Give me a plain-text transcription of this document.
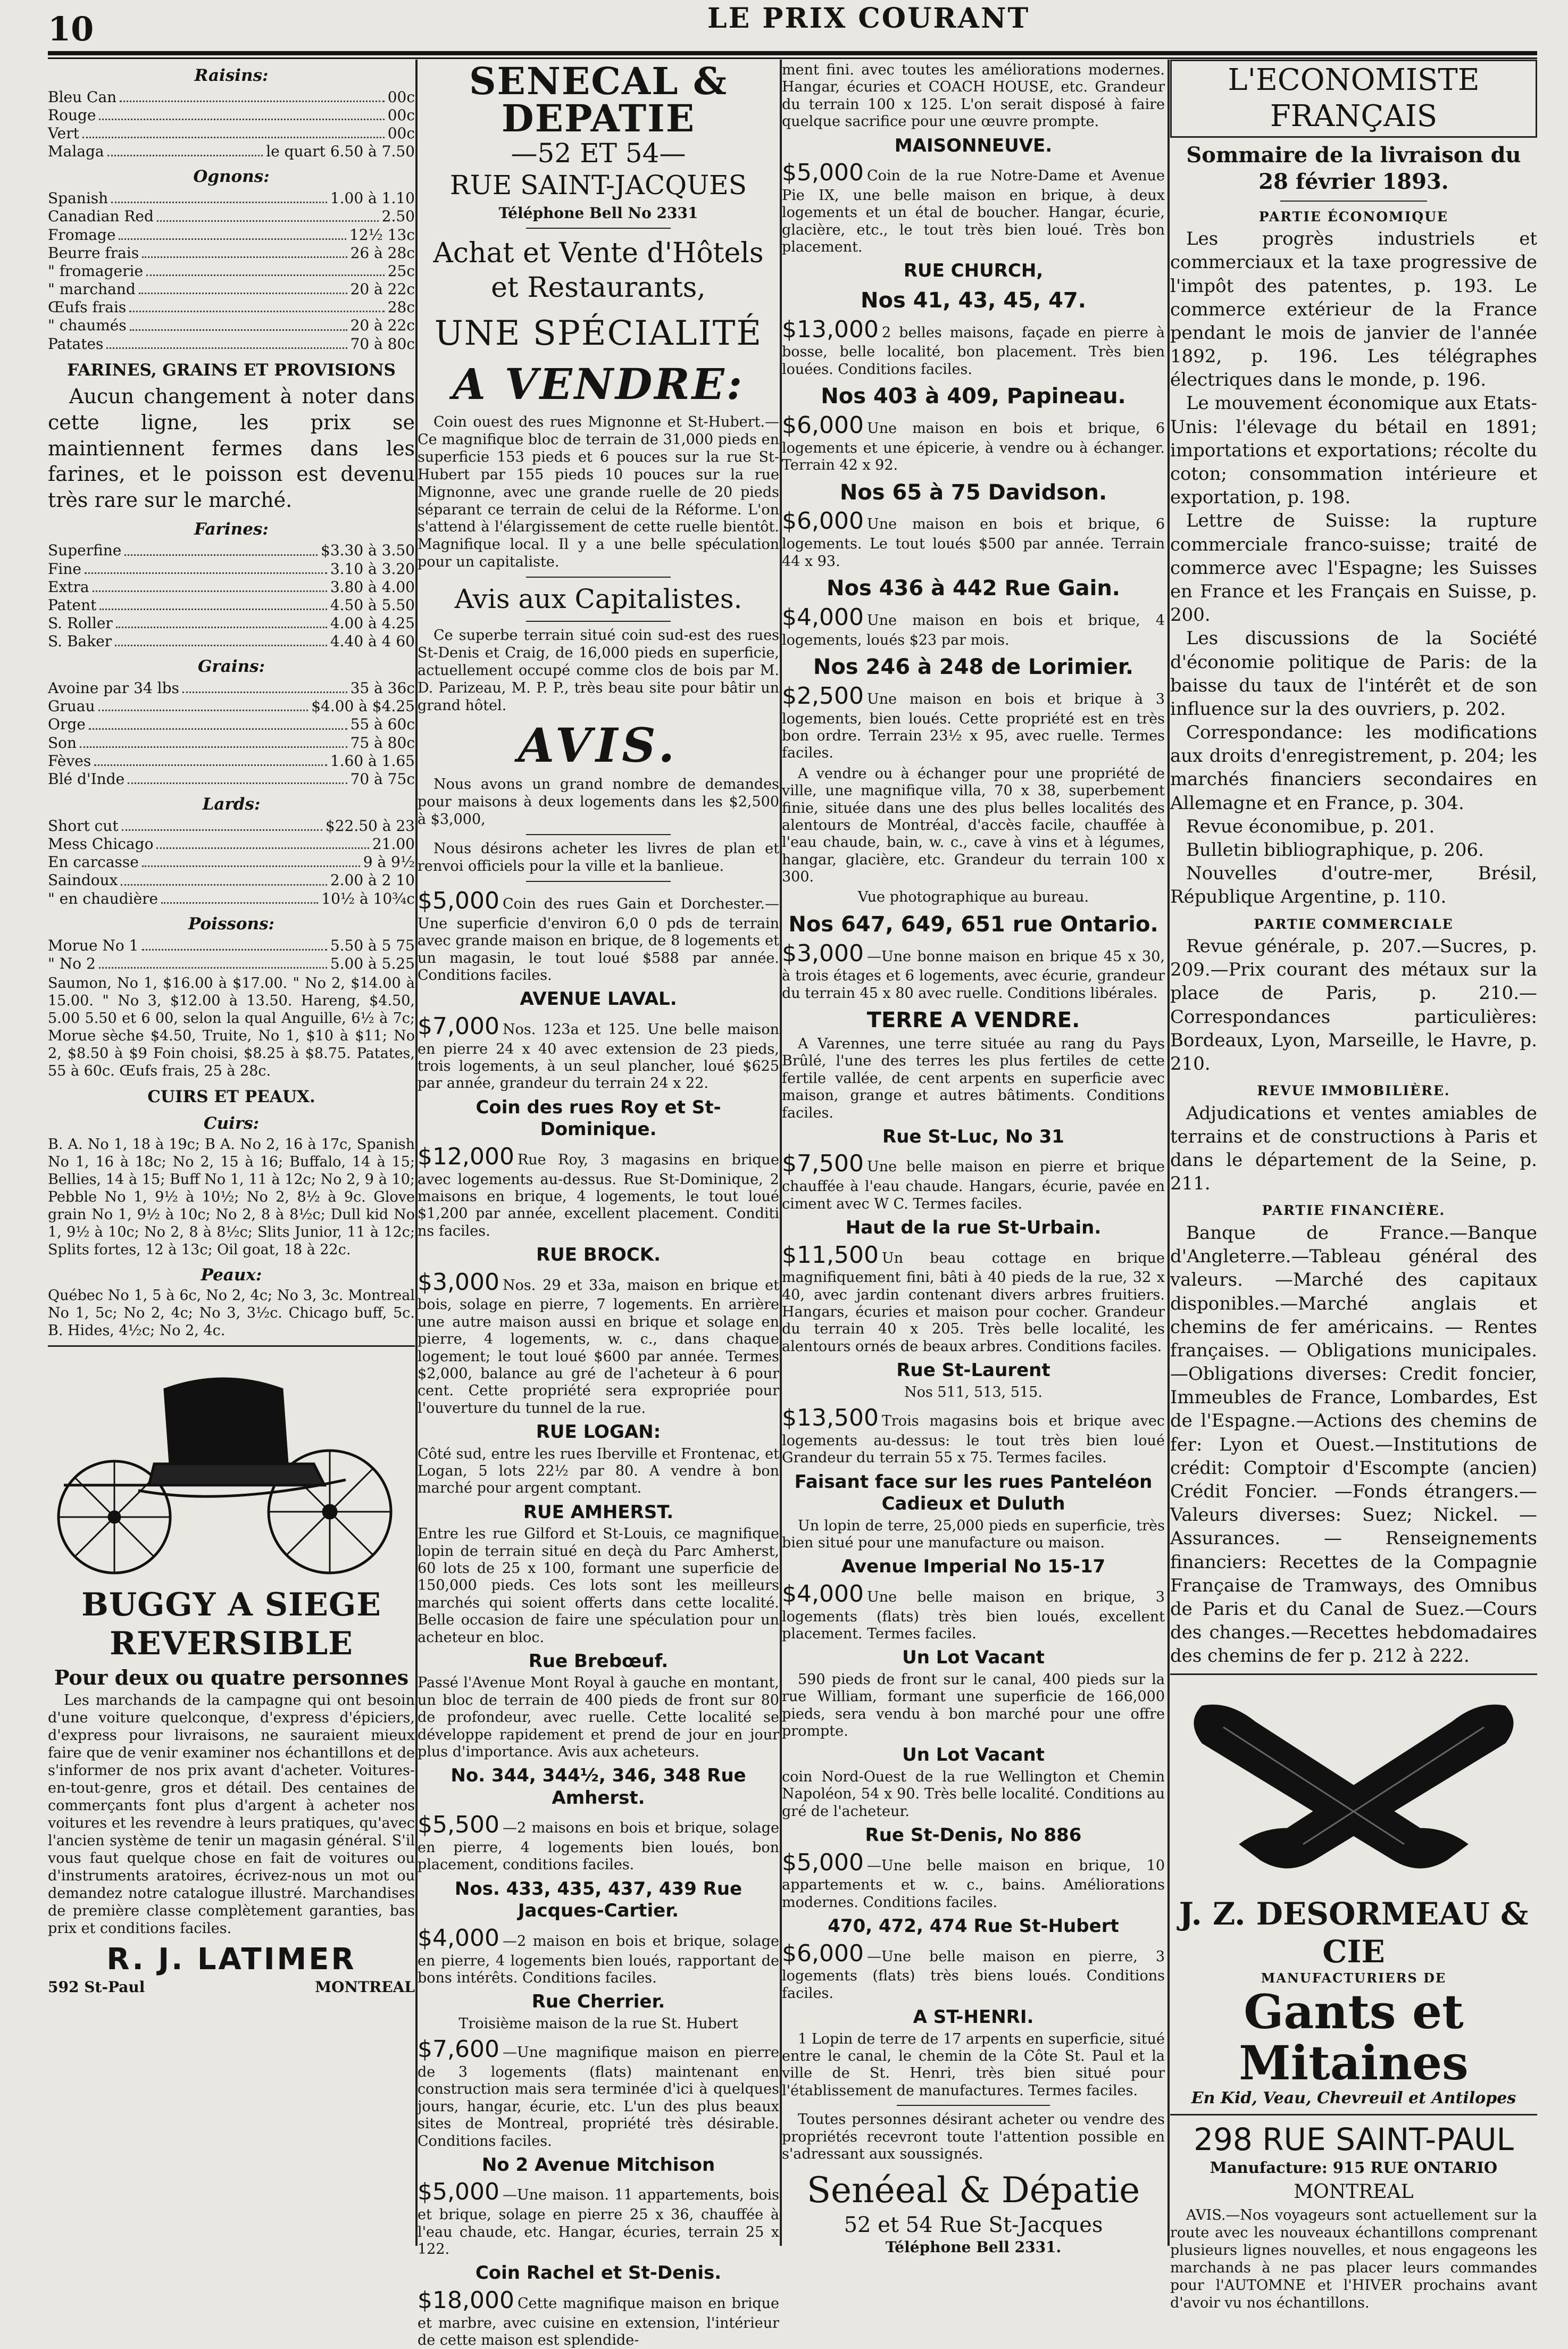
10	LE PRIX COURANT
Raisins:
Bleu Can	00c
Rouge	00c
Vert	00c
Malaga	le quart 6.50 à 7.50
Ognons:
Spanish	1.00 à 1.10
Canadian Red	2.50
Fromage	12½ 13c
Beurre frais	26 à 28c
" fromagerie	25c
" marchand	20 à 22c
Œufs frais	28c
" chaumés	20 à 22c
Patates	70 à 80c
FARINES, GRAINS ET PROVISIONS

Aucun changement à noter dans cette ligne, les prix se maintiennent fermes dans les farines, et le poisson est devenu très rare sur le marché.

Farines:
Superfine	$3.30 à 3.50
Fine	3.10 à 3.20
Extra	3.80 à 4.00
Patent	4.50 à 5.50
S. Roller	4.00 à 4.25
S. Baker	4.40 à 4 60
Grains:
Avoine par 34 lbs	35 à 36c
Gruau	$4.00 à $4.25
Orge	55 à 60c
Son	75 à 80c
Fèves	1.60 à 1.65
Blé d'Inde	70 à 75c
Lards:
Short cut	$22.50 à 23
Mess Chicago	21.00
En carcasse	9 à 9½
Saindoux	2.00 à 2 10
" en chaudière	10½ à 10¾c
Poissons:
Morue No 1	5.50 à 5 75
" No 2	5.00 à 5.25

Saumon, No 1, $16.00 à $17.00. " No 2, $14.00 à 15.00. " No 3, $12.00 à 13.50. Hareng, $4.50, 5.00 5.50 et 6 00, selon la qual Anguille, 6½ à 7c; Morue sèche $4.50, Truite, No 1, $10 à $11; No 2, $8.50 à $9 Foin choisi, $8.25 à $8.75. Patates, 55 à 60c. Œufs frais, 25 à 28c.

CUIRS ET PEAUX.
Cuirs:

B. A. No 1, 18 à 19c; B A. No 2, 16 à 17c, Spanish No 1, 16 à 18c; No 2, 15 à 16; Buffalo, 14 à 15; Bellies, 14 à 15; Buff No 1, 11 à 12c; No 2, 9 à 10; Pebble No 1, 9½ à 10½; No 2, 8½ à 9c. Glove grain No 1, 9½ à 10c; No 2, 8 à 8½c; Dull kid No 1, 9½ à 10c; No 2, 8 à 8½c; Slits Junior, 11 à 12c; Splits fortes, 12 à 13c; Oil goat, 18 à 22c.

Peaux:

Québec No 1, 5 à 6c, No 2, 4c; No 3, 3c. Montreal No 1, 5c; No 2, 4c; No 3, 3½c. Chicago buff, 5c. B. Hides, 4½c; No 2, 4c.

BUGGY A SIEGE REVERSIBLE
Pour deux ou quatre personnes

Les marchands de la campagne qui ont besoin d'une voiture quelconque, d'express d'épiciers, d'express pour livraisons, ne sauraient mieux faire que de venir examiner nos échantillons et de s'informer de nos prix avant d'acheter. Voitures-en-tout-genre, gros et détail. Des centaines de commerçants font plus d'argent à acheter nos voitures et les revendre à leurs pratiques, qu'avec l'ancien système de tenir un magasin général. S'il vous faut quelque chose en fait de voitures ou d'instruments aratoires, écrivez-nous un mot ou demandez notre catalogue illustré. Marchandises de première classe complètement garanties, bas prix et conditions faciles.

R. J. LATIMER
592 St-Paul	MONTREAL
SENECAL & DEPATIE
—52 ET 54—
RUE SAINT-JACQUES
Téléphone Bell No 2331
Achat et Vente d'Hôtels et Restaurants,
UNE SPÉCIALITÉ
A VENDRE:

Coin ouest des rues Mignonne et St-Hubert.—Ce magnifique bloc de terrain de 31,000 pieds en superficie 153 pieds et 6 pouces sur la rue St-Hubert par 155 pieds 10 pouces sur la rue Mignonne, avec une grande ruelle de 20 pieds séparant ce terrain de celui de la Réforme. L'on s'attend à l'élargissement de cette ruelle bientôt. Magnifique local. Il y a une belle spéculation pour un capitaliste.

Avis aux Capitalistes.

Ce superbe terrain situé coin sud-est des rues St-Denis et Craig, de 16,000 pieds en superficie, actuellement occupé comme clos de bois par M. D. Parizeau, M. P. P., très beau site pour bâtir un grand hôtel.

AVIS.

Nous avons un grand nombre de demandes pour maisons à deux logements dans les $2,500 à $3,000,

Nous désirons acheter les livres de plan et renvoi officiels pour la ville et la banlieue.

$5,000 Coin des rues Gain et Dorchester.—Une superficie d'environ 6,0 0 pds de terrain avec grande maison en brique, de 8 logements et un magasin, le tout loué $588 par année. Conditions faciles.

AVENUE LAVAL.

$7,000 Nos. 123a et 125. Une belle maison en pierre 24 x 40 avec extension de 23 pieds, trois logements, à un seul plancher, loué $625 par année, grandeur du terrain 24 x 22.

Coin des rues Roy et St-Dominique.

$12,000 Rue Roy, 3 magasins en brique avec logements au-dessus. Rue St-Dominique, 2 maisons en brique, 4 logements, le tout loué $1,200 par année, excellent placement. Conditi ns faciles.

RUE BROCK.

$3,000 Nos. 29 et 33a, maison en brique et bois, solage en pierre, 7 logements. En arrière une autre maison aussi en brique et solage en pierre, 4 logements, w. c., dans chaque logement; le tout loué $600 par année. Termes $2,000, balance au gré de l'acheteur à 6 pour cent. Cette propriété sera expropriée pour l'ouverture du tunnel de la rue.

RUE LOGAN:

Côté sud, entre les rues Iberville et Frontenac, et Logan, 5 lots 22½ par 80. A vendre à bon marché pour argent comptant.

RUE AMHERST.

Entre les rue Gilford et St-Louis, ce magnifique lopin de terrain situé en deçà du Parc Amherst, 60 lots de 25 x 100, formant une superficie de 150,000 pieds. Ces lots sont les meilleurs marchés qui soient offerts dans cette localité. Belle occasion de faire une spéculation pour un acheteur en bloc.

Rue Brebœuf.

Passé l'Avenue Mont Royal à gauche en montant, un bloc de terrain de 400 pieds de front sur 80 de profondeur, avec ruelle. Cette localité se développe rapidement et prend de jour en jour plus d'importance. Avis aux acheteurs.

No. 344, 344½, 346, 348 Rue Amherst.

$5,500 —2 maisons en bois et brique, solage en pierre, 4 logements bien loués, bon placement, conditions faciles.

Nos. 433, 435, 437, 439 Rue Jacques-Cartier.

$4,000 —2 maison en bois et brique, solage en pierre, 4 logements bien loués, rapportant de bons intérêts. Conditions faciles.

Rue Cherrier.

Troisième maison de la rue St. Hubert

$7,600 —Une magnifique maison en pierre de 3 logements (flats) maintenant en construction mais sera terminée d'ici à quelques jours, hangar, écurie, etc. L'un des plus beaux sites de Montreal, propriété très désirable. Conditions faciles.

No 2 Avenue Mitchison

$5,000 —Une maison. 11 appartements, bois et brique, solage en pierre 25 x 36, chauffée à l'eau chaude, etc. Hangar, écuries, terrain 25 x 122.

Coin Rachel et St-Denis.

$18,000 Cette magnifique maison en brique et marbre, avec cuisine en extension, l'intérieur de cette maison est splendide-

ment fini. avec toutes les améliorations modernes. Hangar, écuries et COACH HOUSE, etc. Grandeur du terrain 100 x 125. L'on serait disposé à faire quelque sacrifice pour une œuvre prompte.

MAISONNEUVE.

$5,000 Coin de la rue Notre-Dame et Avenue Pie IX, une belle maison en brique, à deux logements et un étal de boucher. Hangar, écurie, glacière, etc., le tout très bien loué. Très bon placement.

RUE CHURCH,
Nos 41, 43, 45, 47.

$13,000 2 belles maisons, façade en pierre à bosse, belle localité, bon placement. Très bien louées. Conditions faciles.

Nos 403 à 409, Papineau.

$6,000 Une maison en bois et brique, 6 logements et une épicerie, à vendre ou à échanger. Terrain 42 x 92.

Nos 65 à 75 Davidson.

$6,000 Une maison en bois et brique, 6 logements. Le tout loués $500 par année. Terrain 44 x 93.

Nos 436 à 442 Rue Gain.

$4,000 Une maison en bois et brique, 4 logements, loués $23 par mois.

Nos 246 à 248 de Lorimier.

$2,500 Une maison en bois et brique à 3 logements, bien loués. Cette propriété est en très bon ordre. Terrain 23½ x 95, avec ruelle. Termes faciles.

A vendre ou à échanger pour une propriété de ville, une magnifique villa, 70 x 38, superbement finie, située dans une des plus belles localités des alentours de Montréal, d'accès facile, chauffée à l'eau chaude, bain, w. c., cave à vins et à légumes, hangar, glacière, etc. Grandeur du terrain 100 x 300.

Vue photographique au bureau.

Nos 647, 649, 651 rue Ontario.

$3,000 —Une bonne maison en brique 45 x 30, à trois étages et 6 logements, avec écurie, grandeur du terrain 45 x 80 avec ruelle. Conditions libérales.

TERRE A VENDRE.

A Varennes, une terre située au rang du Pays Brûlé, l'une des terres les plus fertiles de cette fertile vallée, de cent arpents en superficie avec maison, grange et autres bâtiments. Conditions faciles.

Rue St-Luc, No 31

$7,500 Une belle maison en pierre et brique chauffée à l'eau chaude. Hangars, écurie, pavée en ciment avec W C. Termes faciles.

Haut de la rue St-Urbain.

$11,500 Un beau cottage en brique magnifiquement fini, bâti à 40 pieds de la rue, 32 x 40, avec jardin contenant divers arbres fruitiers. Hangars, écuries et maison pour cocher. Grandeur du terrain 40 x 205. Très belle localité, les alentours ornés de beaux arbres. Conditions faciles.

Rue St-Laurent

Nos 511, 513, 515.

$13,500 Trois magasins bois et brique avec logements au-dessus: le tout très bien loué Grandeur du terrain 55 x 75. Termes faciles.

Faisant face sur les rues Panteléon Cadieux et Duluth

Un lopin de terre, 25,000 pieds en superficie, très bien situé pour une manufacture ou maison.

Avenue Imperial No 15-17

$4,000 Une belle maison en brique, 3 logements (flats) très bien loués, excellent placement. Termes faciles.

Un Lot Vacant

590 pieds de front sur le canal, 400 pieds sur la rue William, formant une superficie de 166,000 pieds, sera vendu à bon marché pour une offre prompte.

Un Lot Vacant

coin Nord-Ouest de la rue Wellington et Chemin Napoléon, 54 x 90. Très belle localité. Conditions au gré de l'acheteur.

Rue St-Denis, No 886

$5,000 —Une belle maison en brique, 10 appartements et w. c., bains. Améliorations modernes. Conditions faciles.

470, 472, 474 Rue St-Hubert

$6,000 —Une belle maison en pierre, 3 logements (flats) très biens loués. Conditions faciles.

A ST-HENRI.

1 Lopin de terre de 17 arpents en superficie, situé entre le canal, le chemin de la Côte St. Paul et la ville de St. Henri, très bien situé pour l'établissement de manufactures. Termes faciles.

Toutes personnes désirant acheter ou vendre des propriétés recevront toute l'attention possible en s'adressant aux soussignés.

Senéeal & Dépatie
52 et 54 Rue St-Jacques
Téléphone Bell 2331.
L'ECONOMISTE FRANÇAIS
Sommaire de la livraison du 28 février 1893.
PARTIE ÉCONOMIQUE

Les progrès industriels et commerciaux et la taxe progressive de l'impôt des patentes, p. 193. Le commerce extérieur de la France pendant le mois de janvier de l'année 1892, p. 196. Les télégraphes électriques dans le monde, p. 196.

Le mouvement économique aux Etats-Unis: l'élevage du bétail en 1891; importations et exportations; récolte du coton; consommation intérieure et exportation, p. 198.

Lettre de Suisse: la rupture commerciale franco-suisse; traité de commerce avec l'Espagne; les Suisses en France et les Français en Suisse, p. 200.

Les discussions de la Société d'économie politique de Paris: de la baisse du taux de l'intérêt et de son influence sur la des ouvriers, p. 202.

Correspondance: les modifications aux droits d'enregistrement, p. 204; les marchés financiers secondaires en Allemagne et en France, p. 304.

Revue économibue, p. 201.

Bulletin bibliographique, p. 206.

Nouvelles d'outre-mer, Brésil, République Argentine, p. 110.

PARTIE COMMERCIALE

Revue générale, p. 207.—Sucres, p. 209.—Prix courant des métaux sur la place de Paris, p. 210.—Correspondances particulières: Bordeaux, Lyon, Marseille, le Havre, p. 210.

REVUE IMMOBILIÈRE.

Adjudications et ventes amiables de terrains et de constructions à Paris et dans le département de la Seine, p. 211.

PARTIE FINANCIÈRE.

Banque de France.—Banque d'Angleterre.—Tableau général des valeurs. —Marché des capitaux disponibles.—Marché anglais et chemins de fer américains. — Rentes françaises. — Obligations municipales.—Obligations diverses: Credit foncier, Immeubles de France, Lombardes, Est de l'Espagne.—Actions des chemins de fer: Lyon et Ouest.—Institutions de crédit: Comptoir d'Escompte (ancien) Crédit Foncier. —Fonds étrangers.—Valeurs diverses: Suez; Nickel. — Assurances. — Renseignements financiers: Recettes de la Compagnie Française de Tramways, des Omnibus de Paris et du Canal de Suez.—Cours des changes.—Recettes hebdomadaires des chemins de fer p. 212 à 222.

J. Z. DESORMEAU & CIE
MANUFACTURIERS DE
Gants et Mitaines
En Kid, Veau, Chevreuil et Antilopes
298 RUE SAINT-PAUL
Manufacture: 915 RUE ONTARIO
MONTREAL

AVIS.—Nos voyageurs sont actuellement sur la route avec les nouveaux échantillons comprenant plusieurs lignes nouvelles, et nous engageons les marchands à ne pas placer leurs commandes pour l'AUTOMNE et l'HIVER prochains avant d'avoir vu nos échantillons.
